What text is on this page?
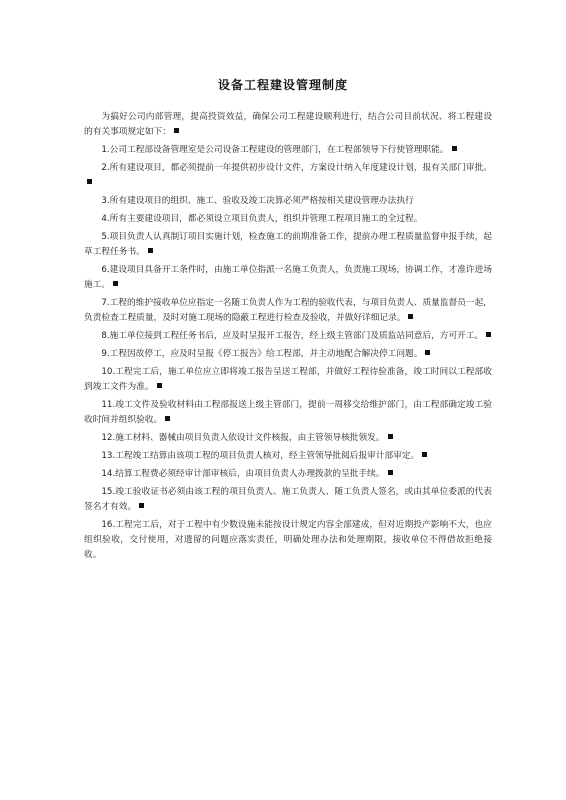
设备工程建设管理制度

为搞好公司内部管理，提高投资效益，确保公司工程建设顺利进行，结合公司目前状况、将工程建设的有关事项规定如下：

1.公司工程部设备管理室是公司设备工程建设的管理部门，在工程部领导下行使管理职能。

2.所有建设项目，都必须提前一年提供初步设计文件，方案设计纳入年度建设计划，报有关部门审批。

3.所有建设项目的组织、施工、验收及竣工决算必须严格按相关建设管理办法执行

4.所有主要建设项目，都必须设立项目负责人，组织并管理工程项目施工的全过程。

5.项目负责人认真制订项目实施计划，检查施工的前期准备工作，提前办理工程质量监督申报手续，起草工程任务书。

6.建设项目具备开工条件时，由施工单位指派一名施工负责人，负责施工现场，协调工作，才准许进场施工。

7.工程的维护接收单位应指定一名随工负责人作为工程的验收代表，与项目负责人、质量监督员一起，负责检查工程质量，及时对施工现场的隐蔽工程进行检查及验收，并做好详细记录。

8.施工单位接到工程任务书后，应及时呈报开工报告，经上级主管部门及质监站同意后，方可开工。

9.工程因故停工，应及时呈报《停工报告》给工程部，并主动地配合解决停工问题。

10.工程完工后，施工单位应立即将竣工报告呈送工程部，并做好工程待验准备，竣工时间以工程部收到竣工文件为准。

11.竣工文件及验收材料由工程部报送上级主管部门，提前一周移交给维护部门，由工程部确定竣工验收时间并组织验收。

12.施工材料、器械由项目负责人依设计文件核报，由主管领导核批领发。

13.工程竣工结算由该项工程的项目负责人核对，经主管领导批阅后报审计部审定。

14.结算工程费必须经审计部审核后，由项目负责人办理拨款的呈批手续。

15.竣工验收证书必须由该工程的项目负责人、施工负责人、随工负责人签名，或由其单位委派的代表签名才有效。

16.工程完工后，对于工程中有少数设施未能按设计规定内容全部建成，但对近期投产影响不大，也应组织验收，交付使用，对遗留的问题应落实责任，明确处理办法和处理期限，接收单位不得借故拒绝接收。
